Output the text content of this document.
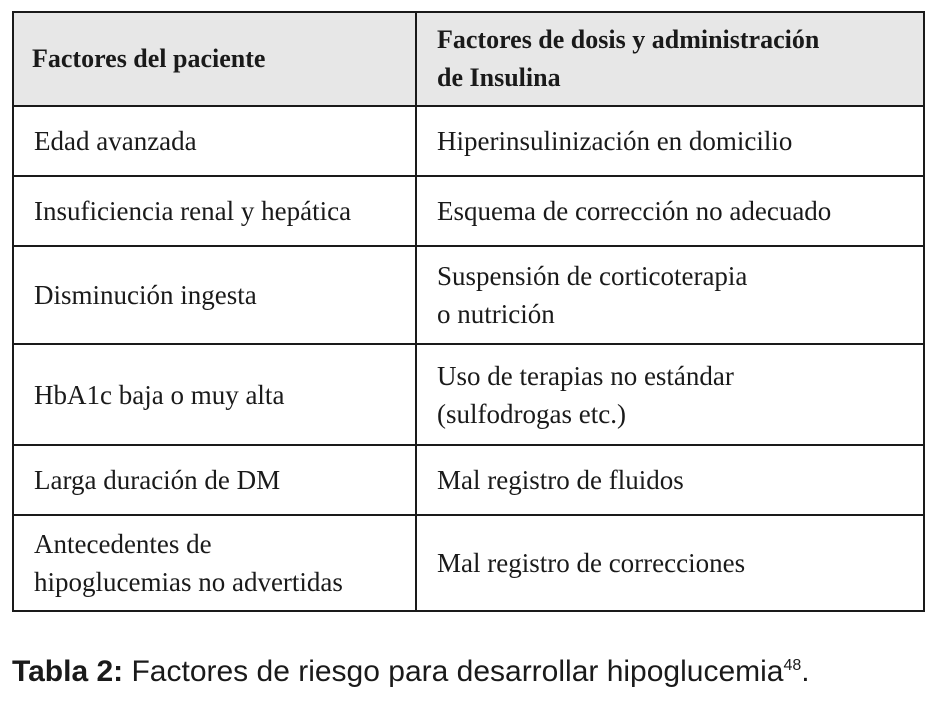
Factores del paciente	Factores de dosis y administración
de Insulina
Edad avanzada	Hiperinsulinización en domicilio
Insuficiencia renal y hepática	Esquema de corrección no adecuado
Disminución ingesta	Suspensión de corticoterapia
o nutrición
HbA1c baja o muy alta	Uso de terapias no estándar
(sulfodrogas etc.)
Larga duración de DM	Mal registro de fluidos
Antecedentes de
hipoglucemias no advertidas	Mal registro de correcciones
Tabla 2: Factores de riesgo para desarrollar hipoglucemia$^{48}$.
